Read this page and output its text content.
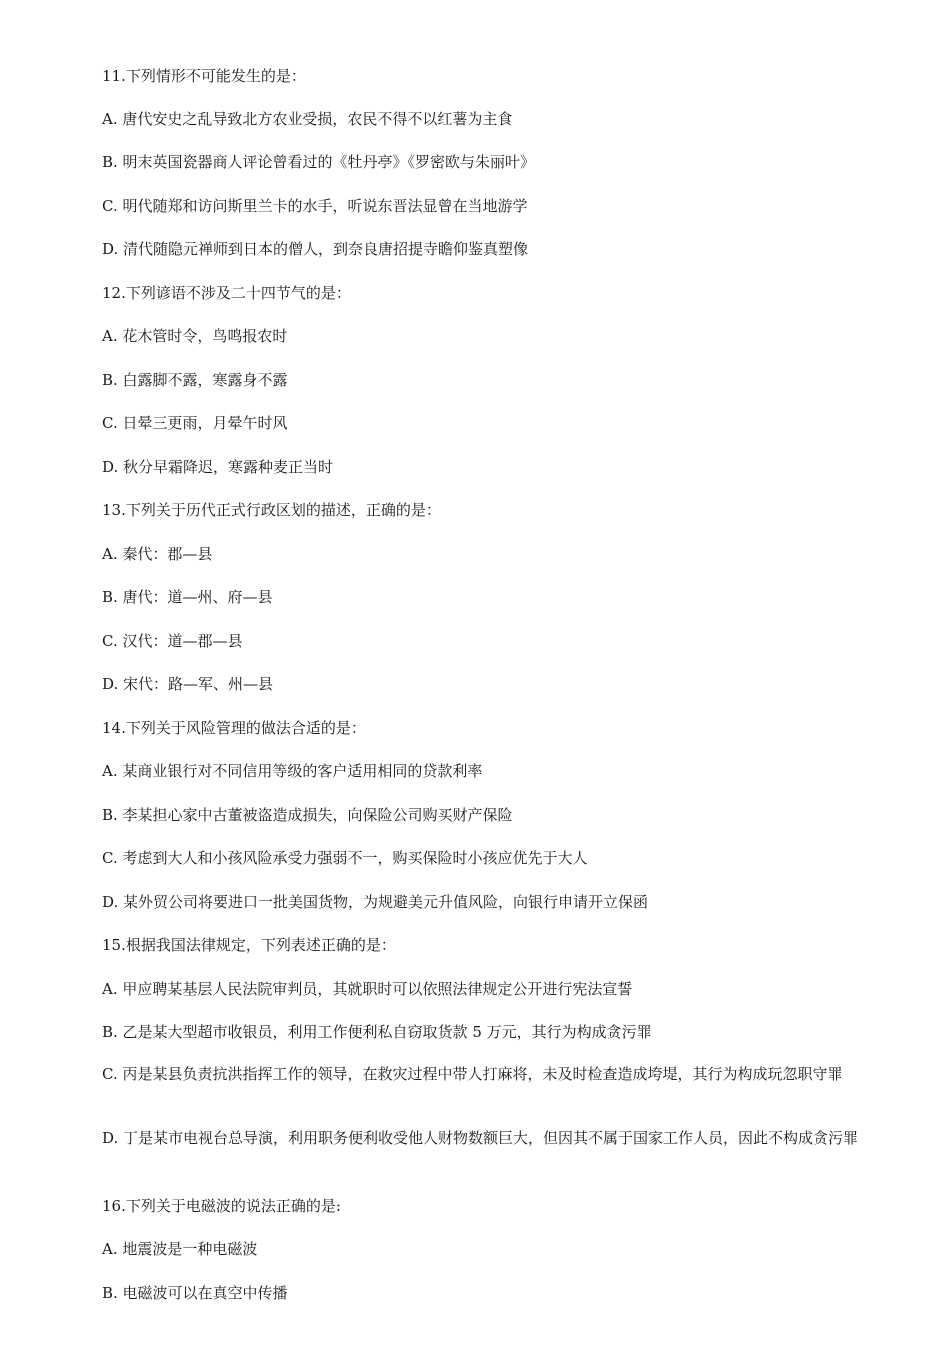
11.下列情形不可能发生的是：
A. 唐代安史之乱导致北方农业受损，农民不得不以红薯为主食
B. 明末英国瓷器商人评论曾看过的《牡丹亭》《罗密欧与朱丽叶》
C. 明代随郑和访问斯里兰卡的水手，听说东晋法显曾在当地游学
D. 清代随隐元禅师到日本的僧人，到奈良唐招提寺瞻仰鉴真塑像
12.下列谚语不涉及二十四节气的是：
A. 花木管时令，鸟鸣报农时
B. 白露脚不露，寒露身不露
C. 日晕三更雨，月晕午时风
D. 秋分早霜降迟，寒露种麦正当时
13.下列关于历代正式行政区划的描述，正确的是：
A. 秦代：郡—县
B. 唐代：道—州、府—县
C. 汉代：道—郡—县
D. 宋代：路—军、州—县
14.下列关于风险管理的做法合适的是：
A. 某商业银行对不同信用等级的客户适用相同的贷款利率
B. 李某担心家中古董被盗造成损失，向保险公司购买财产保险
C. 考虑到大人和小孩风险承受力强弱不一，购买保险时小孩应优先于大人
D. 某外贸公司将要进口一批美国货物，为规避美元升值风险，向银行申请开立保函
15.根据我国法律规定，下列表述正确的是：
A. 甲应聘某基层人民法院审判员，其就职时可以依照法律规定公开进行宪法宣誓
B. 乙是某大型超市收银员，利用工作便利私自窃取货款 5 万元，其行为构成贪污罪
C. 丙是某县负责抗洪指挥工作的领导，在救灾过程中带人打麻将，未及时检查造成垮堤，其行为构成玩忽职守罪
D. 丁是某市电视台总导演，利用职务便利收受他人财物数额巨大，但因其不属于国家工作人员，因此不构成贪污罪
16.下列关于电磁波的说法正确的是:
A. 地震波是一种电磁波
B. 电磁波可以在真空中传播
